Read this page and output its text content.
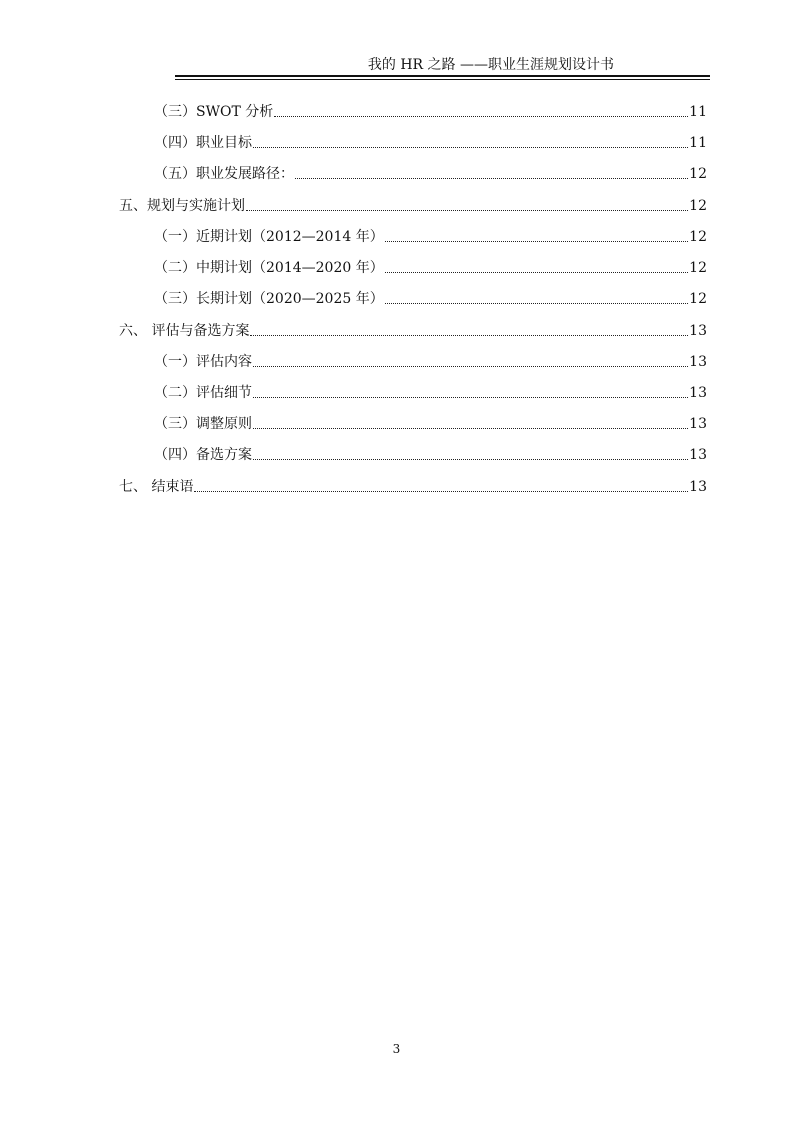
我的 HR 之路 ——职业生涯规划设计书
（三）SWOT 分析	11
（四）职业目标	11
（五）职业发展路径：	12
五、规划与实施计划	12
（一）近期计划（2012—2014 年）	12
（二）中期计划（2014—2020 年）	12
（三）长期计划（2020—2025 年）	12
六、 评估与备选方案	13
（一）评估内容	13
（二）评估细节	13
（三）调整原则	13
（四）备选方案	13
七、 结束语	13
3
